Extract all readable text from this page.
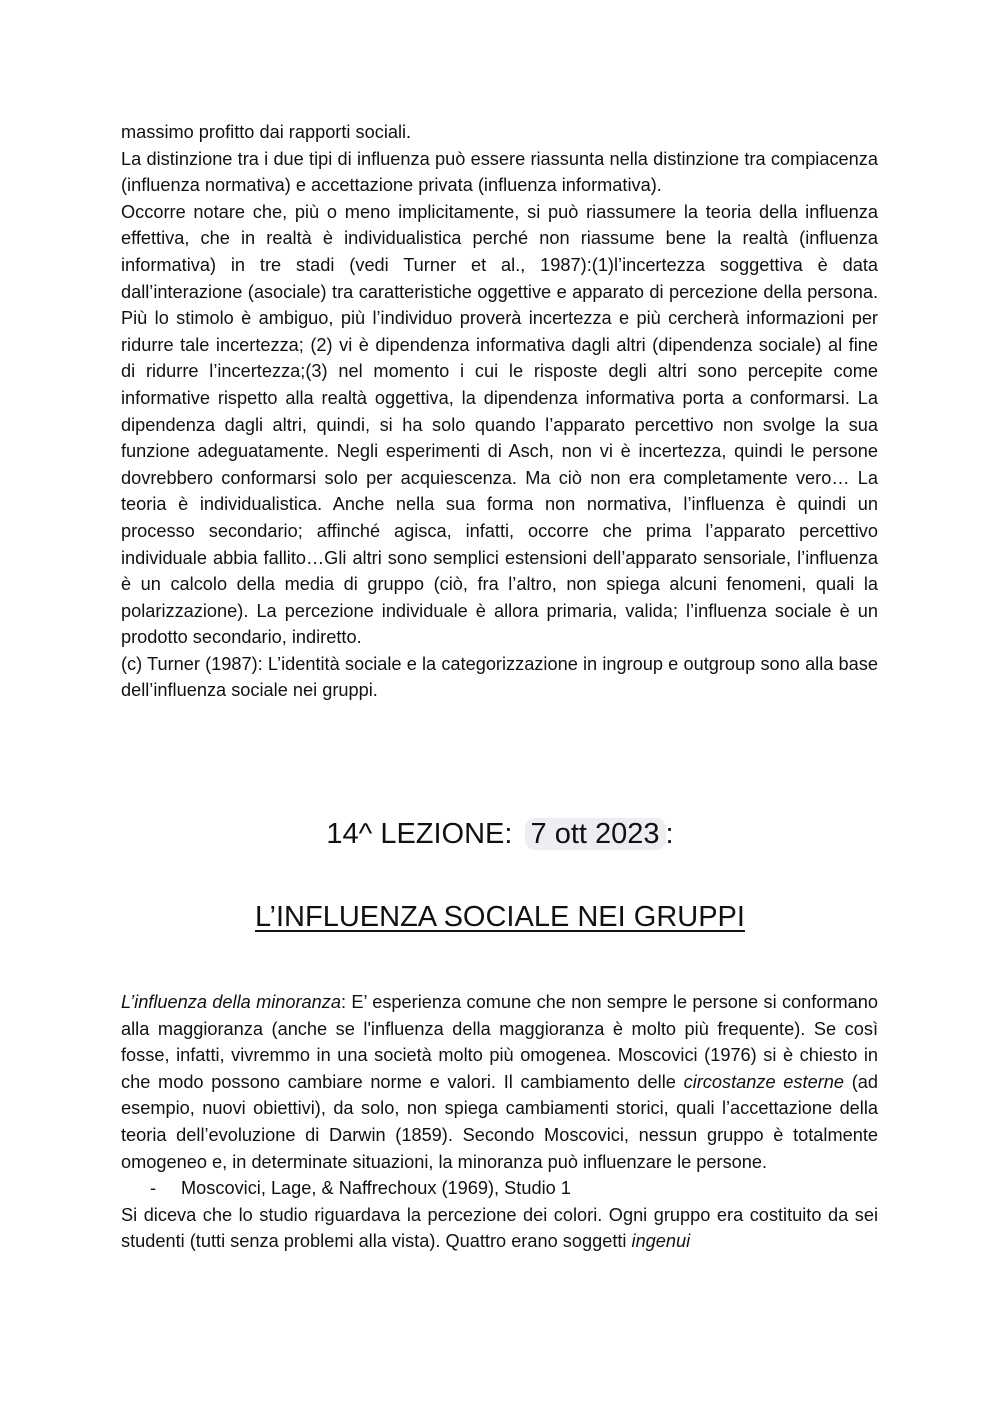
massimo profitto dai rapporti sociali.

La distinzione tra i due tipi di influenza può essere riassunta nella distinzione tra compiacenza (influenza normativa) e accettazione privata (influenza informativa).

Occorre notare che, più o meno implicitamente, si può riassumere la teoria della influenza effettiva, che in realtà è individualistica perché non riassume bene la realtà (influenza informativa) in tre stadi (vedi Turner et al., 1987):(1)l’incertezza soggettiva è data dall’interazione (asociale) tra caratteristiche oggettive e apparato di percezione della persona. Più lo stimolo è ambiguo, più l’individuo proverà incertezza e più cercherà informazioni per ridurre tale incertezza; (2) vi è dipendenza informativa dagli altri (dipendenza sociale) al fine di ridurre l’incertezza;(3) nel momento i cui le risposte degli altri sono percepite come informative rispetto alla realtà oggettiva, la dipendenza informativa porta a conformarsi. La dipendenza dagli altri, quindi, si ha solo quando l’apparato percettivo non svolge la sua funzione adeguatamente. Negli esperimenti di Asch, non vi è incertezza, quindi le persone dovrebbero conformarsi solo per acquiescenza. Ma ciò non era completamente vero… La teoria è individualistica. Anche nella sua forma non normativa, l’influenza è quindi un processo secondario; affinché agisca, infatti, occorre che prima l’apparato percettivo individuale abbia fallito…Gli altri sono semplici estensioni dell’apparato sensoriale, l’influenza è un calcolo della media di gruppo (ciò, fra l’altro, non spiega alcuni fenomeni, quali la polarizzazione). La percezione individuale è allora primaria, valida; l’influenza sociale è un prodotto secondario, indiretto.

(c) Turner (1987): L’identità sociale e la categorizzazione in ingroup e outgroup sono alla base dell’influenza sociale nei gruppi.

14^ LEZIONE: 7 ott 2023 :
L’INFLUENZA SOCIALE NEI GRUPPI

L’influenza della minoranza: E’ esperienza comune che non sempre le persone si conformano alla maggioranza (anche se l'influenza della maggioranza è molto più frequente). Se così fosse, infatti, vivremmo in una società molto più omogenea. Moscovici (1976) si è chiesto in che modo possono cambiare norme e valori. Il cambiamento delle circostanze esterne (ad esempio, nuovi obiettivi), da solo, non spiega cambiamenti storici, quali l’accettazione della teoria dell’evoluzione di Darwin (1859). Secondo Moscovici, nessun gruppo è totalmente omogeneo e, in determinate situazioni, la minoranza può influenzare le persone.

- Moscovici, Lage, & Naffrechoux (1969), Studio 1

Si diceva che lo studio riguardava la percezione dei colori. Ogni gruppo era costituito da sei studenti (tutti senza problemi alla vista). Quattro erano soggetti ingenui
